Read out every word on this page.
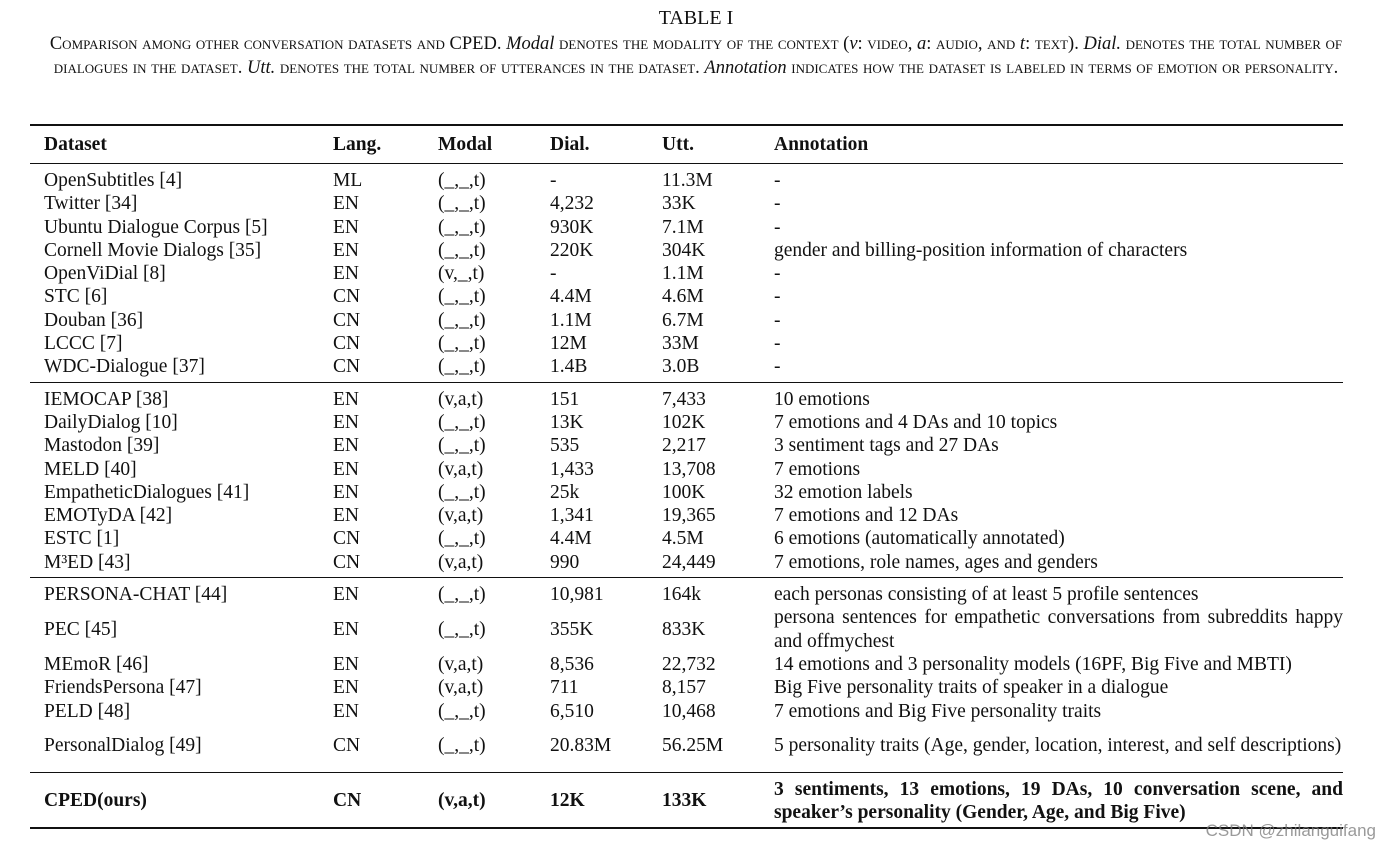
TABLE I
Comparison among other conversation datasets and CPED. Modal denotes the modality of the context (v: video, a: audio, and t: text). Dial. denotes the total number of dialogues in the dataset. Utt. denotes the total number of utterances in the dataset. Annotation indicates how the dataset is labeled in terms of emotion or personality.
Dataset	Lang.	Modal	Dial.	Utt.	Annotation
OpenSubtitles [4]	ML	(_,_,t)	-	11.3M	-
Twitter [34]	EN	(_,_,t)	4,232	33K	-
Ubuntu Dialogue Corpus [5]	EN	(_,_,t)	930K	7.1M	-
Cornell Movie Dialogs [35]	EN	(_,_,t)	220K	304K	gender and billing-position information of characters
OpenViDial [8]	EN	(v,_,t)	-	1.1M	-
STC [6]	CN	(_,_,t)	4.4M	4.6M	-
Douban [36]	CN	(_,_,t)	1.1M	6.7M	-
LCCC [7]	CN	(_,_,t)	12M	33M	-
WDC-Dialogue [37]	CN	(_,_,t)	1.4B	3.0B	-
IEMOCAP [38]	EN	(v,a,t)	151	7,433	10 emotions
DailyDialog [10]	EN	(_,_,t)	13K	102K	7 emotions and 4 DAs and 10 topics
Mastodon [39]	EN	(_,_,t)	535	2,217	3 sentiment tags and 27 DAs
MELD [40]	EN	(v,a,t)	1,433	13,708	7 emotions
EmpatheticDialogues [41]	EN	(_,_,t)	25k	100K	32 emotion labels
EMOTyDA [42]	EN	(v,a,t)	1,341	19,365	7 emotions and 12 DAs
ESTC [1]	CN	(_,_,t)	4.4M	4.5M	6 emotions (automatically annotated)
M³ED [43]	CN	(v,a,t)	990	24,449	7 emotions, role names, ages and genders
PERSONA-CHAT [44]	EN	(_,_,t)	10,981	164k	each personas consisting of at least 5 profile sentences
PEC [45]	EN	(_,_,t)	355K	833K	persona sentences for empathetic conversations from subreddits happy and offmychest
MEmoR [46]	EN	(v,a,t)	8,536	22,732	14 emotions and 3 personality models (16PF, Big Five and MBTI)
FriendsPersona [47]	EN	(v,a,t)	711	8,157	Big Five personality traits of speaker in a dialogue
PELD [48]	EN	(_,_,t)	6,510	10,468	7 emotions and Big Five personality traits
PersonalDialog [49]	CN	(_,_,t)	20.83M	56.25M	5 personality traits (Age, gender, location, interest, and self descriptions)
CPED(ours)	CN	(v,a,t)	12K	133K	3 sentiments, 13 emotions, 19 DAs, 10 conversation scene, and speaker’s personality (Gender, Age, and Big Five)
CSDN @zhilanguifang
